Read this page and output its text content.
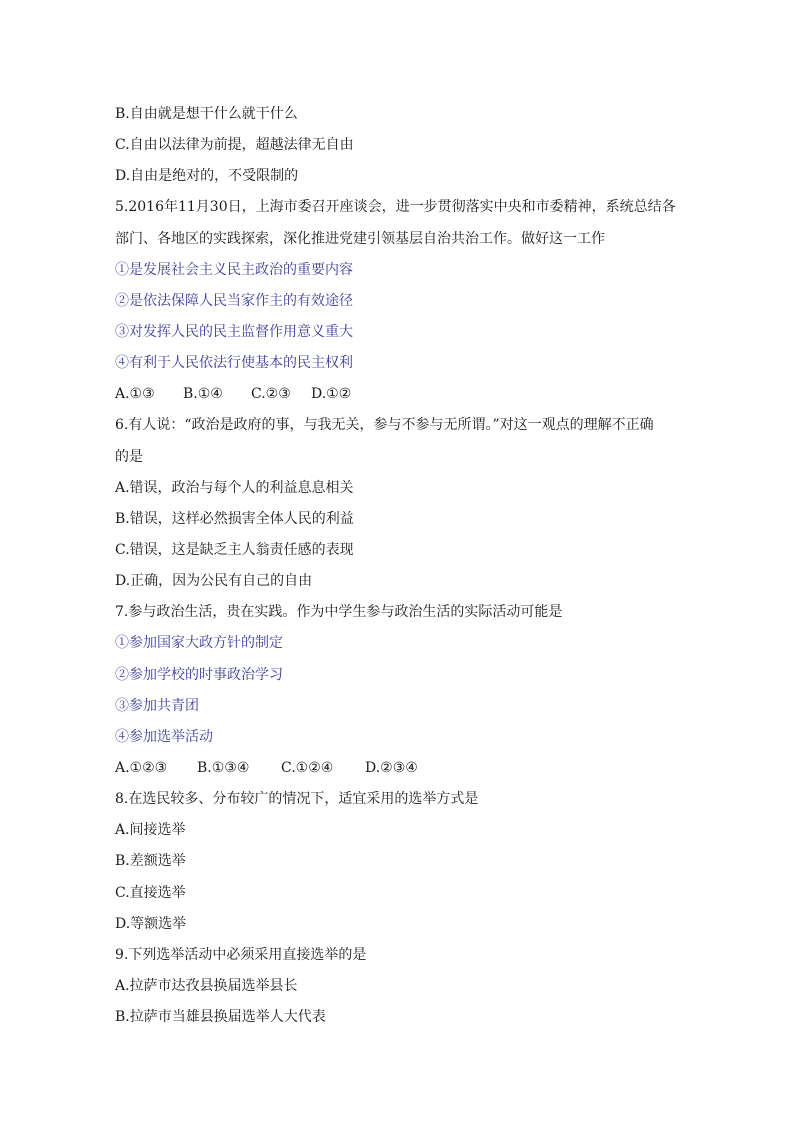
B.自由就是想干什么就干什么
C.自由以法律为前提，超越法律无自由
D.自由是绝对的，不受限制的
5.2016年11月30日，上海市委召开座谈会，进一步贯彻落实中央和市委精神，系统总结各
部门、各地区的实践探索，深化推进党建引领基层自治共治工作。做好这一工作
①是发展社会主义民主政治的重要内容
②是依法保障人民当家作主的有效途径
③对发挥人民的民主监督作用意义重大
④有利于人民依法行使基本的民主权利
A.①③ B.①④ C.②③ D.①②
6.有人说：“政治是政府的事，与我无关，参与不参与无所谓。”对这一观点的理解不正确
的是
A.错误，政治与每个人的利益息息相关
B.错误，这样必然损害全体人民的利益
C.错误，这是缺乏主人翁责任感的表现
D.正确，因为公民有自己的自由
7.参与政治生活，贵在实践。作为中学生参与政治生活的实际活动可能是
①参加国家大政方针的制定
②参加学校的时事政治学习
③参加共青团
④参加选举活动
A.①②③ B.①③④ C.①②④ D.②③④
8.在选民较多、分布较广的情况下，适宜采用的选举方式是
A.间接选举
B.差额选举
C.直接选举
D.等额选举
9.下列选举活动中必须采用直接选举的是
A.拉萨市达孜县换届选举县长
B.拉萨市当雄县换届选举人大代表
